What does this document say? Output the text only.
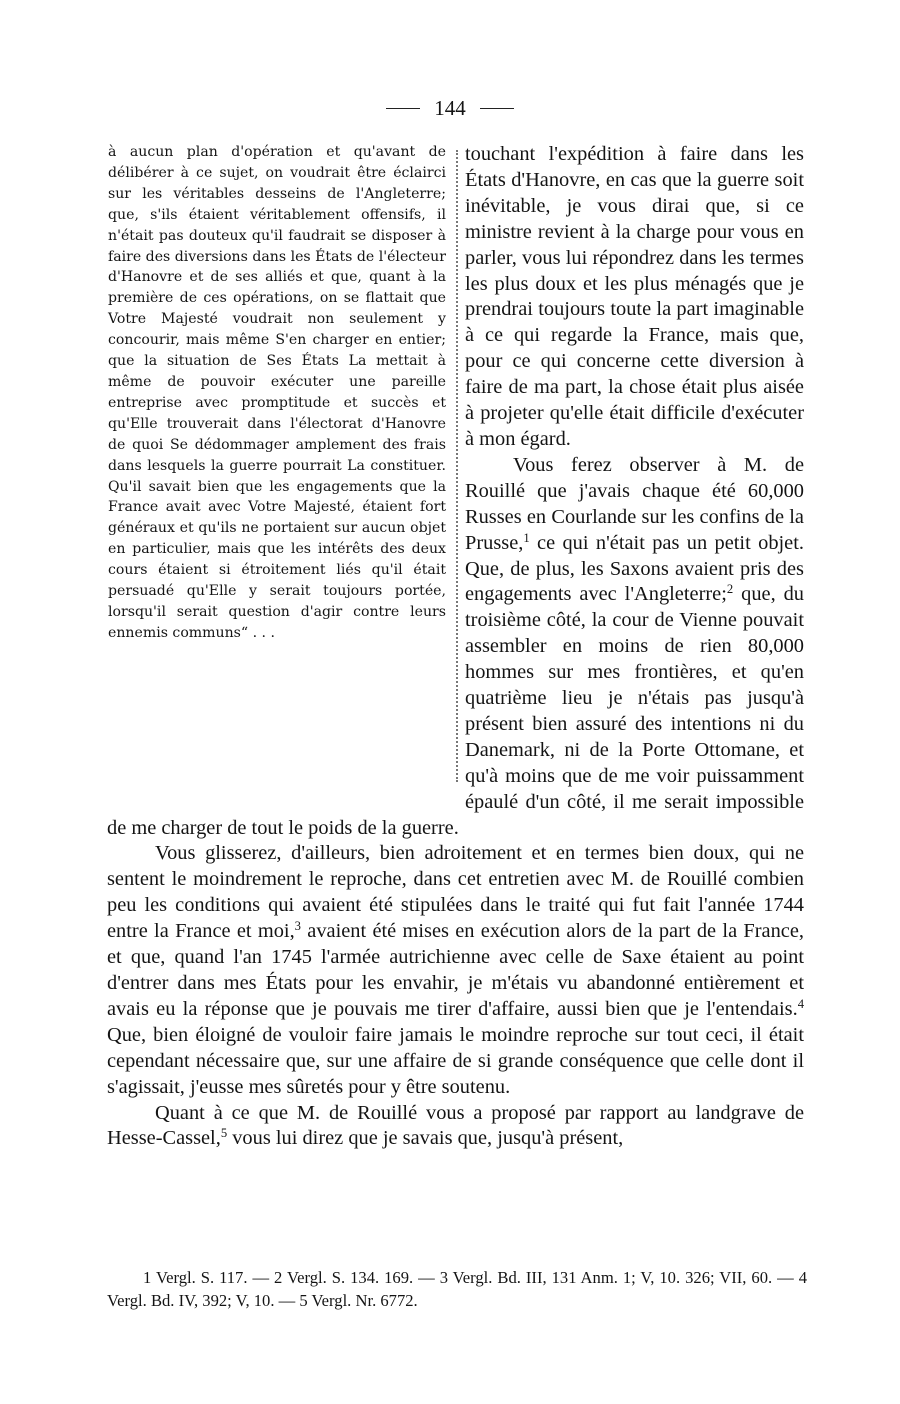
144

à aucun plan d'opération et qu'avant de délibérer à ce sujet, on voudrait être éclairci sur les véritables desseins de l'Angleterre; que, s'ils étaient véritablement offensifs, il n'était pas douteux qu'il faudrait se disposer à faire des diversions dans les États de l'électeur d'Hanovre et de ses alliés et que, quant à la première de ces opérations, on se flattait que Votre Majesté voudrait non seulement y concourir, mais même S'en charger en entier; que la situation de Ses États La mettait à même de pouvoir exécuter une pareille entreprise avec promptitude et succès et qu'Elle trouverait dans l'électorat d'Hanovre de quoi Se dédommager amplement des frais dans lesquels la guerre pourrait La constituer. Qu'il savait bien que les engagements que la France avait avec Votre Majesté, étaient fort généraux et qu'ils ne portaient sur aucun objet en particulier, mais que les intérêts des deux cours étaient si étroitement liés qu'il était persuadé qu'Elle y serait toujours portée, lorsqu'il serait question d'agir contre leurs ennemis communs“ . . .

touchant l'expédition à faire dans les États d'Hanovre, en cas que la guerre soit inévitable, je vous dirai que, si ce ministre revient à la charge pour vous en parler, vous lui répondrez dans les termes les plus doux et les plus ménagés que je prendrai toujours toute la part imaginable à ce qui regarde la France, mais que, pour ce qui concerne cette diversion à faire de ma part, la chose était plus aisée à projeter qu'elle était difficile d'exécuter à mon égard.

Vous ferez observer à M. de Rouillé que j'avais chaque été 60,000 Russes en Courlande sur les confins de la Prusse,$^1$ ce qui n'était pas un petit objet. Que, de plus, les Saxons avaient pris des engagements avec l'Angleterre;$^2$ que, du troisième côté, la cour de Vienne pouvait assembler en moins de rien 80,000 hommes sur mes frontières, et qu'en quatrième lieu je n'étais pas jusqu'à présent bien assuré des intentions ni du Danemark, ni de la Porte Ottomane, et qu'à moins que de me voir puissamment épaulé d'un côté, il me serait impossible de me charger de tout le poids de la guerre.

Vous glisserez, d'ailleurs, bien adroitement et en termes bien doux, qui ne sentent le moindrement le reproche, dans cet entretien avec M. de Rouillé combien peu les conditions qui avaient été stipulées dans le traité qui fut fait l'année 1744 entre la France et moi,$^3$ avaient été mises en exécution alors de la part de la France, et que, quand l'an 1745 l'armée autrichienne avec celle de Saxe étaient au point d'entrer dans mes États pour les envahir, je m'étais vu abandonné entièrement et avais eu la réponse que je pouvais me tirer d'affaire, aussi bien que je l'entendais.$^4$ Que, bien éloigné de vouloir faire jamais le moindre reproche sur tout ceci, il était cependant nécessaire que, sur une affaire de si grande conséquence que celle dont il s'agissait, j'eusse mes sûretés pour y être soutenu.

Quant à ce que M. de Rouillé vous a proposé par rapport au landgrave de Hesse-Cassel,$^5$ vous lui direz que je savais que, jusqu'à présent,

1 Vergl. S. 117. — 2 Vergl. S. 134. 169. — 3 Vergl. Bd. III, 131 Anm. 1; V, 10. 326; VII, 60. — 4 Vergl. Bd. IV, 392; V, 10. — 5 Vergl. Nr. 6772.
